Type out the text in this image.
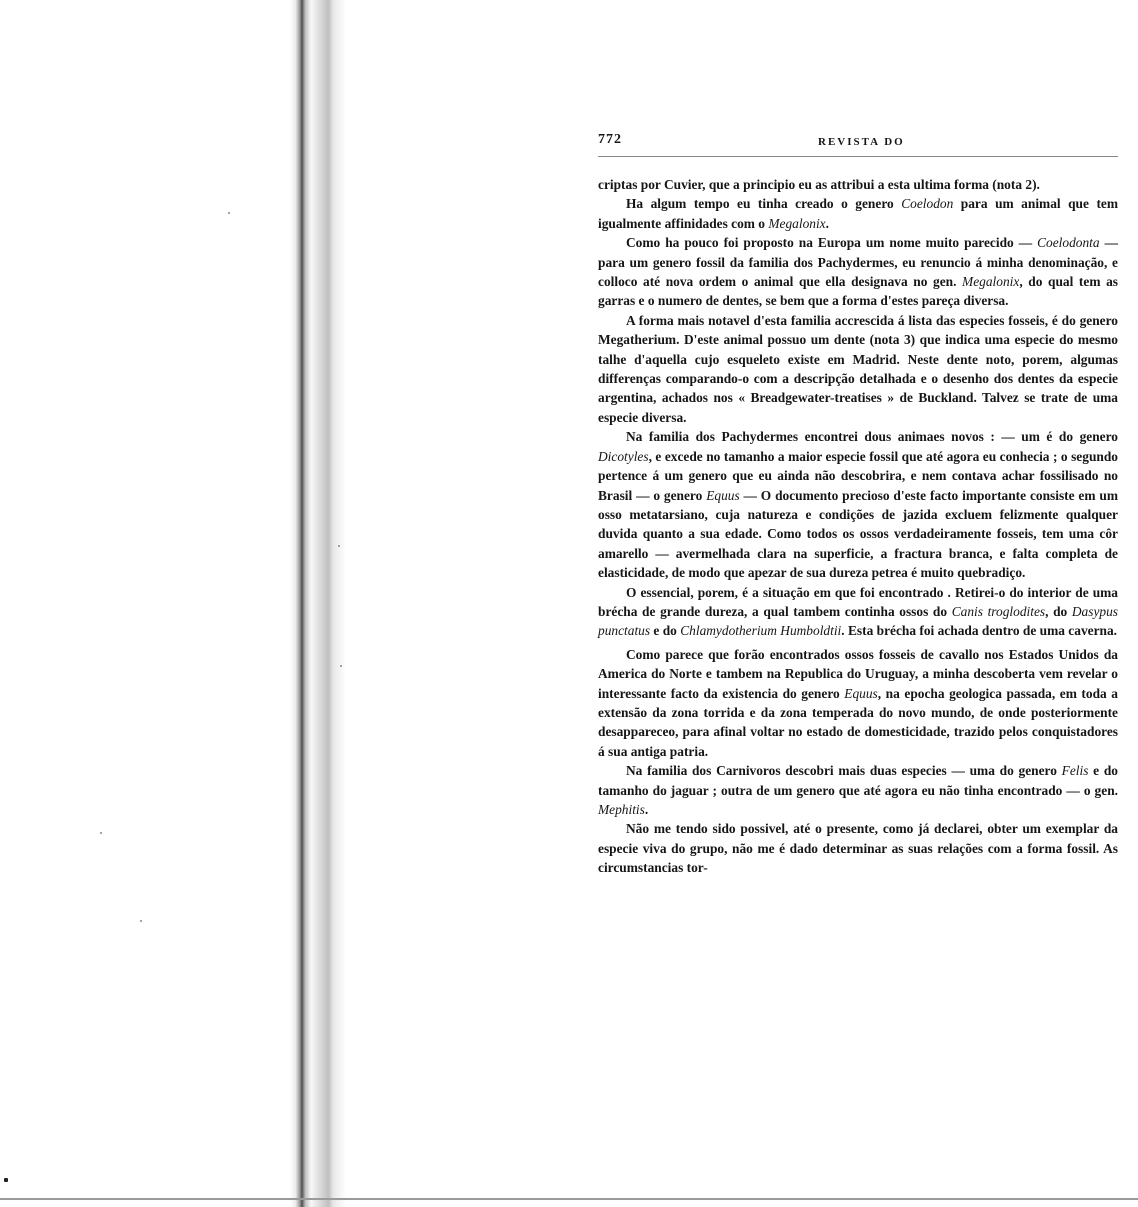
772	REVISTA DO

criptas por Cuvier, que a principio eu as attribui a esta ultima forma (nota 2).

Ha algum tempo eu tinha creado o genero Coelodon para um animal que tem igualmente affinidades com o Megalonix.

Como ha pouco foi proposto na Europa um nome muito parecido — Coelodonta — para um genero fossil da familia dos Pachydermes, eu renuncio á minha denominação, e colloco até nova ordem o animal que ella designava no gen. Megalonix, do qual tem as garras e o numero de dentes, se bem que a forma d'estes pareça diversa.

A forma mais notavel d'esta familia accrescida á lista das especies fosseis, é do genero Megatherium. D'este animal possuo um dente (nota 3) que indica uma especie do mesmo talhe d'aquella cujo esqueleto existe em Madrid. Neste dente noto, porem, algumas differenças comparando-o com a descripção detalhada e o desenho dos dentes da especie argentina, achados nos « Breadgewater-treatises » de Buckland. Talvez se trate de uma especie diversa.

Na familia dos Pachydermes encontrei dous animaes novos : — um é do genero Dicotyles, e excede no tamanho a maior especie fossil que até agora eu conhecia ; o segundo pertence á um genero que eu ainda não descobrira, e nem contava achar fossilisado no Brasil — o genero Equus — O documento precioso d'este facto importante consiste em um osso metatarsiano, cuja natureza e condições de jazida excluem felizmente qualquer duvida quanto a sua edade. Como todos os ossos verdadeiramente fosseis, tem uma côr amarello — avermelhada clara na superficie, a fractura branca, e falta completa de elasticidade, de modo que apezar de sua dureza petrea é muito quebradiço.

O essencial, porem, é a situação em que foi encontrado . Retirei-o do interior de uma brécha de grande dureza, a qual tambem continha ossos do Canis troglodites, do Dasypus punctatus e do Chlamydotherium Humboldtii. Esta brécha foi achada dentro de uma caverna.

Como parece que forão encontrados ossos fosseis de cavallo nos Estados Unidos da America do Norte e tambem na Republica do Uruguay, a minha descoberta vem revelar o interessante facto da existencia do genero Equus, na epocha geologica passada, em toda a extensão da zona torrida e da zona temperada do novo mundo, de onde posteriormente desappareceo, para afinal voltar no estado de domesticidade, trazido pelos conquistadores á sua antiga patria.

Na familia dos Carnivoros descobri mais duas especies — uma do genero Felis e do tamanho do jaguar ; outra de um genero que até agora eu não tinha encontrado — o gen. Mephitis.

Não me tendo sido possivel, até o presente, como já declarei, obter um exemplar da especie viva do grupo, não me é dado determinar as suas relações com a forma fossil. As circumstancias tor-
